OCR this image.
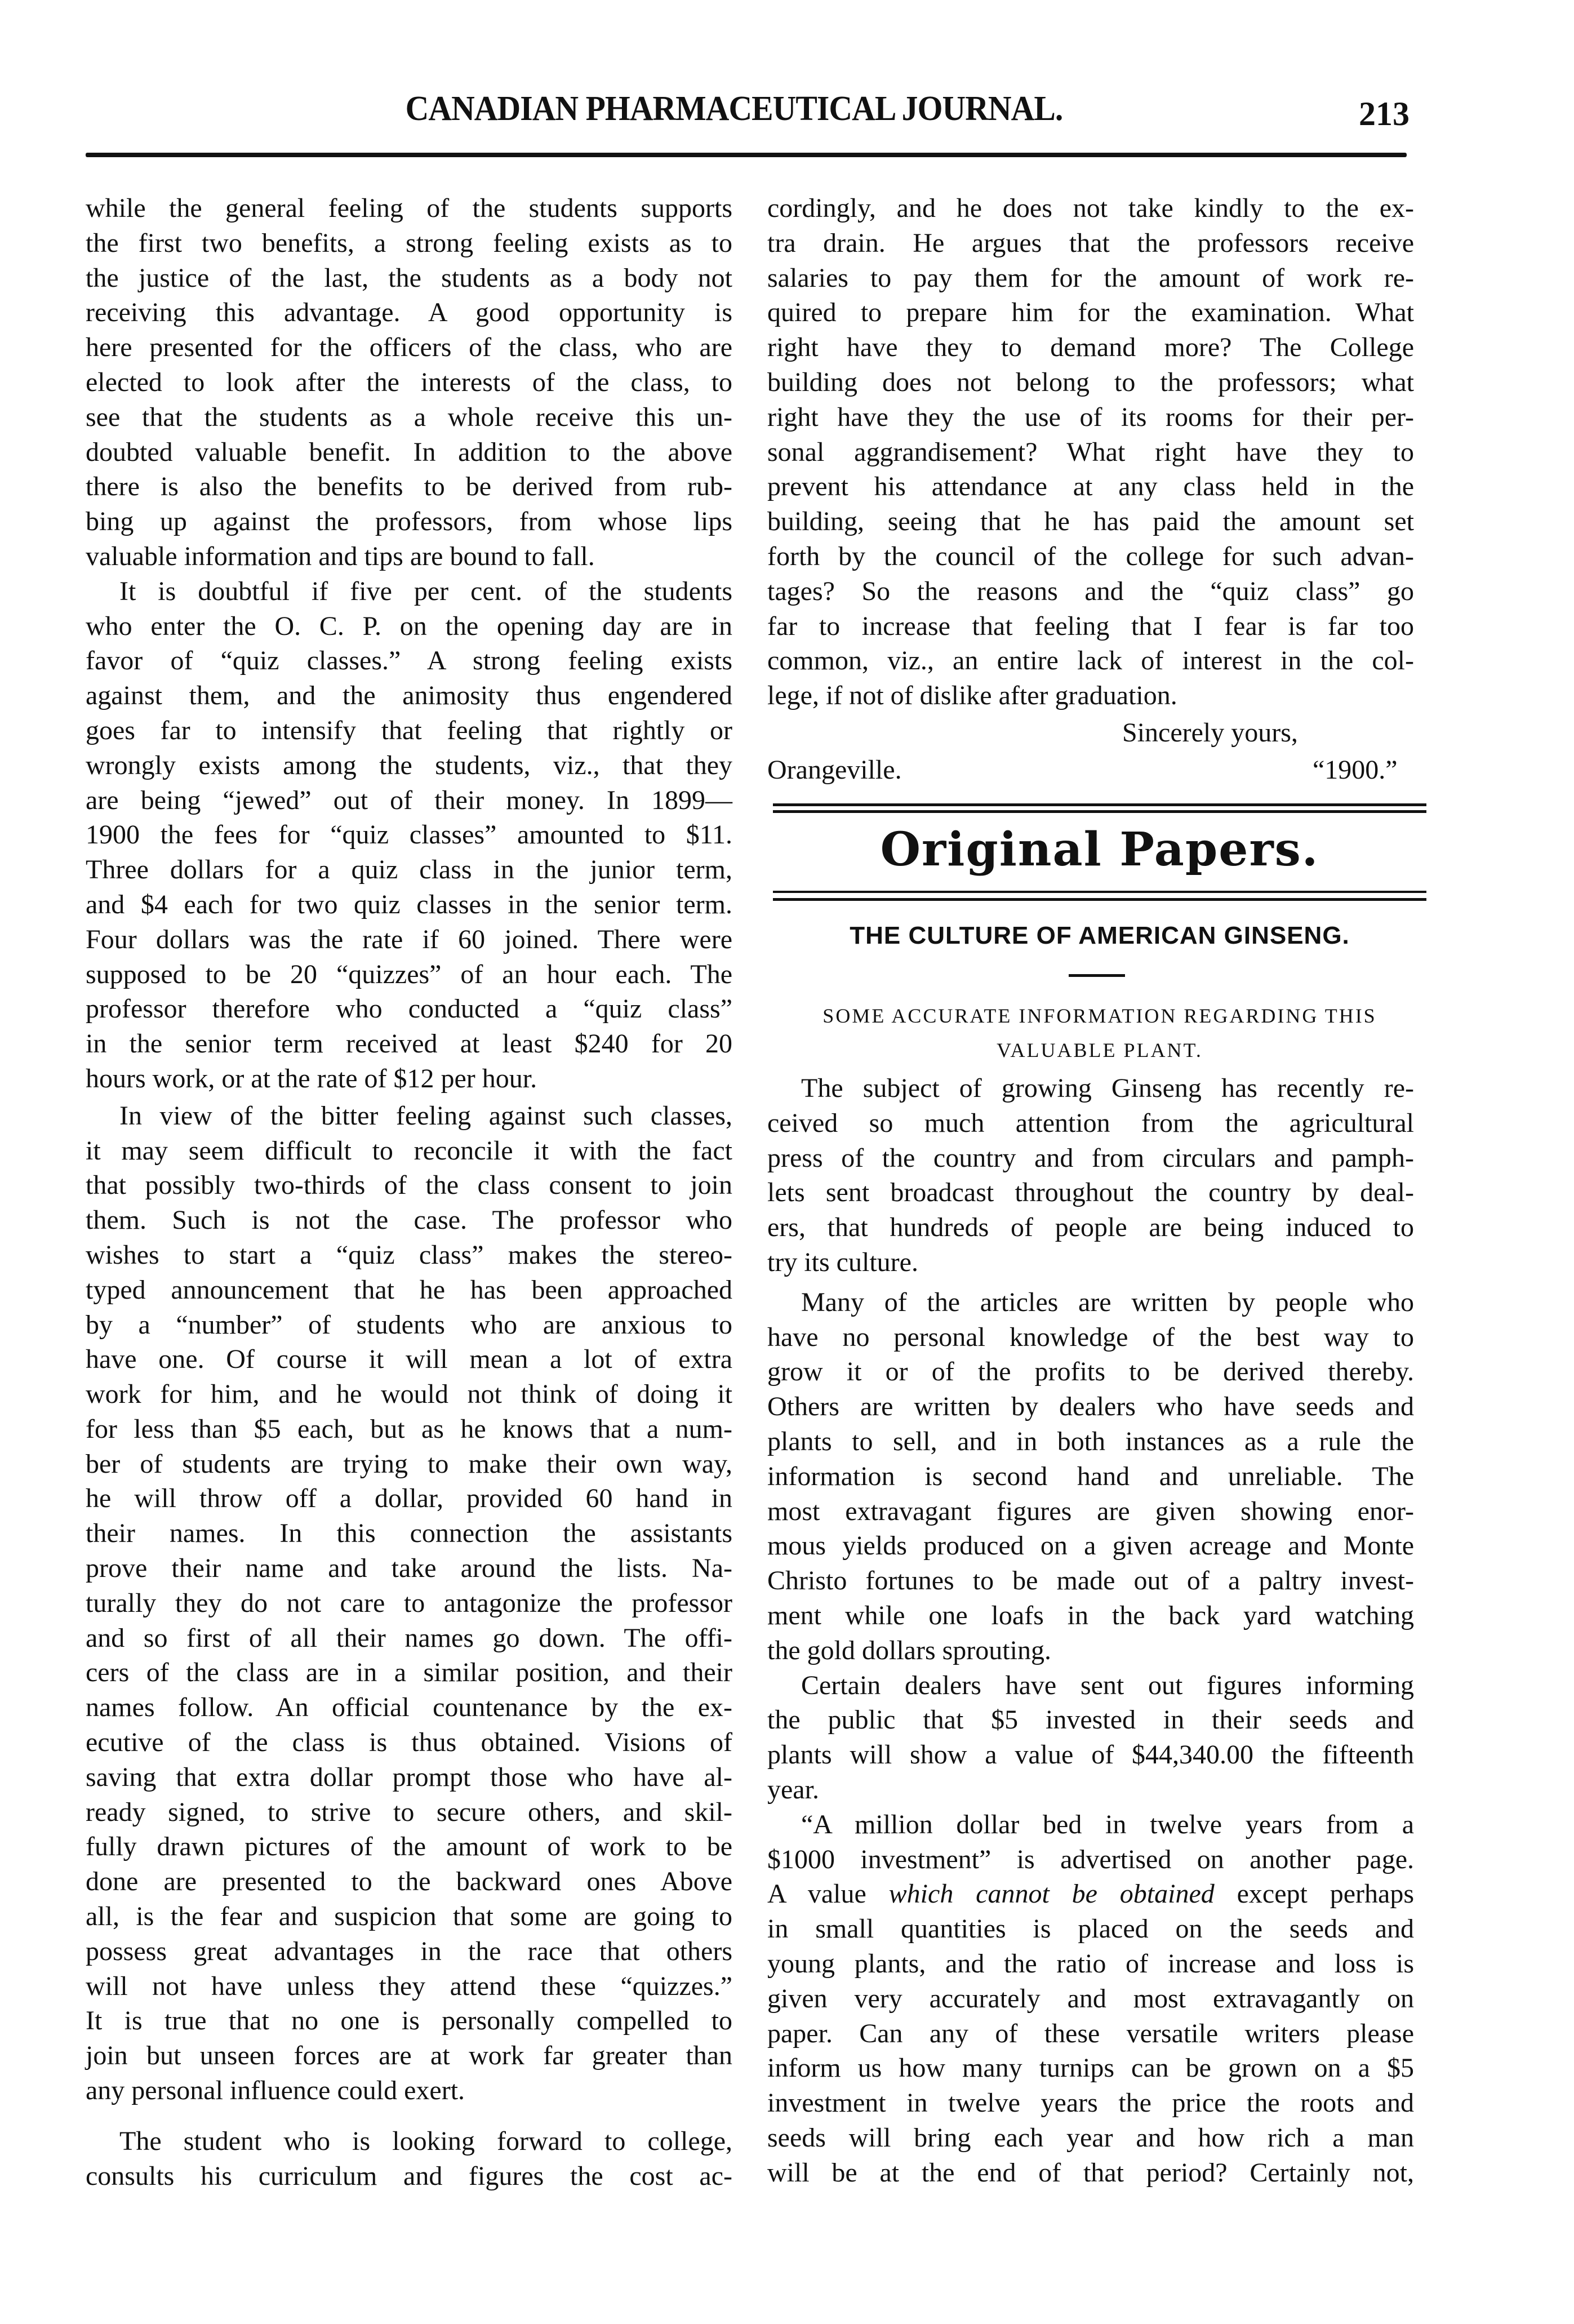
CANADIAN PHARMACEUTICAL JOURNAL.	213
while the general feeling of the students supports
the first two benefits, a strong feeling exists as to
the justice of the last, the students as a body not
receiving this advantage. A good opportunity is
here presented for the officers of the class, who are
elected to look after the interests of the class, to
see that the students as a whole receive this un-
doubted valuable benefit. In addition to the above
there is also the benefits to be derived from rub-
bing up against the professors, from whose lips
valuable information and tips are bound to fall.
It is doubtful if five per cent. of the students
who enter the O. C. P. on the opening day are in
favor of “quiz classes.” A strong feeling exists
against them, and the animosity thus engendered
goes far to intensify that feeling that rightly or
wrongly exists among the students, viz., that they
are being “jewed” out of their money. In 1899—
1900 the fees for “quiz classes” amounted to $11.
Three dollars for a quiz class in the junior term,
and $4 each for two quiz classes in the senior term.
Four dollars was the rate if 60 joined. There were
supposed to be 20 “quizzes” of an hour each. The
professor therefore who conducted a “quiz class”
in the senior term received at least $240 for 20
hours work, or at the rate of $12 per hour.
In view of the bitter feeling against such classes,
it may seem difficult to reconcile it with the fact
that possibly two-thirds of the class consent to join
them. Such is not the case. The professor who
wishes to start a “quiz class” makes the stereo-
typed announcement that he has been approached
by a “number” of students who are anxious to
have one. Of course it will mean a lot of extra
work for him, and he would not think of doing it
for less than $5 each, but as he knows that a num-
ber of students are trying to make their own way,
he will throw off a dollar, provided 60 hand in
their names. In this connection the assistants
prove their name and take around the lists. Na-
turally they do not care to antagonize the professor
and so first of all their names go down. The offi-
cers of the class are in a similar position, and their
names follow. An official countenance by the ex-
ecutive of the class is thus obtained. Visions of
saving that extra dollar prompt those who have al-
ready signed, to strive to secure others, and skil-
fully drawn pictures of the amount of work to be
done are presented to the backward ones Above
all, is the fear and suspicion that some are going to
possess great advantages in the race that others
will not have unless they attend these “quizzes.”
It is true that no one is personally compelled to
join but unseen forces are at work far greater than
any personal influence could exert.
The student who is looking forward to college,
consults his curriculum and figures the cost ac-
cordingly, and he does not take kindly to the ex-
tra drain. He argues that the professors receive
salaries to pay them for the amount of work re-
quired to prepare him for the examination. What
right have they to demand more? The College
building does not belong to the professors; what
right have they the use of its rooms for their per-
sonal aggrandisement? What right have they to
prevent his attendance at any class held in the
building, seeing that he has paid the amount set
forth by the council of the college for such advan-
tages? So the reasons and the “quiz class” go
far to increase that feeling that I fear is far too
common, viz., an entire lack of interest in the col-
lege, if not of dislike after graduation.
Sincerely yours,
Orangeville.	“1900.”
Original Papers.
THE CULTURE OF AMERICAN GINSENG.
SOME ACCURATE INFORMATION REGARDING THIS
VALUABLE PLANT.
The subject of growing Ginseng has recently re-
ceived so much attention from the agricultural
press of the country and from circulars and pamph-
lets sent broadcast throughout the country by deal-
ers, that hundreds of people are being induced to
try its culture.
Many of the articles are written by people who
have no personal knowledge of the best way to
grow it or of the profits to be derived thereby.
Others are written by dealers who have seeds and
plants to sell, and in both instances as a rule the
information is second hand and unreliable. The
most extravagant figures are given showing enor-
mous yields produced on a given acreage and Monte
Christo fortunes to be made out of a paltry invest-
ment while one loafs in the back yard watching
the gold dollars sprouting.
Certain dealers have sent out figures informing
the public that $5 invested in their seeds and
plants will show a value of $44,340.00 the fifteenth
year.
“A million dollar bed in twelve years from a
$1000 investment” is advertised on another page.
A value which cannot be obtained except perhaps
in small quantities is placed on the seeds and
young plants, and the ratio of increase and loss is
given very accurately and most extravagantly on
paper. Can any of these versatile writers please
inform us how many turnips can be grown on a $5
investment in twelve years the price the roots and
seeds will bring each year and how rich a man
will be at the end of that period? Certainly not,
